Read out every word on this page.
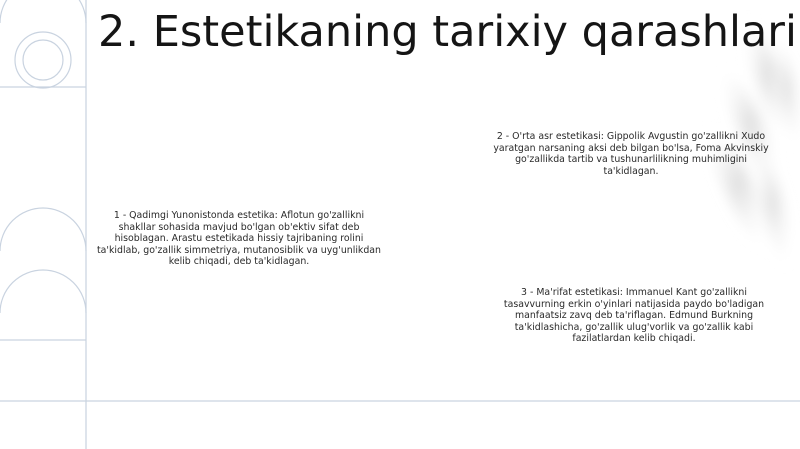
2. Estetikaning tarixiy qarashlari
1 - Qadimgi Yunonistonda estetika: Aflotun go'zallikni shakllar sohasida mavjud bo'lgan ob'ektiv sifat deb hisoblagan. Arastu estetikada hissiy tajribaning rolini ta'kidlab, go'zallik simmetriya, mutanosiblik va uyg'unlikdan kelib chiqadi, deb ta'kidlagan.
2 - O'rta asr estetikasi: Gippolik Avgustin go'zallikni Xudo yaratgan narsaning aksi deb bilgan bo'lsa, Foma Akvinskiy go'zallikda tartib va tushunarlilikning muhimligini ta'kidlagan.
3 - Ma'rifat estetikasi: Immanuel Kant go'zallikni tasavvurning erkin o'yinlari natijasida paydo bo'ladigan manfaatsiz zavq deb ta'riflagan. Edmund Burkning ta'kidlashicha, go'zallik ulug'vorlik va go'zallik kabi fazilatlardan kelib chiqadi.
